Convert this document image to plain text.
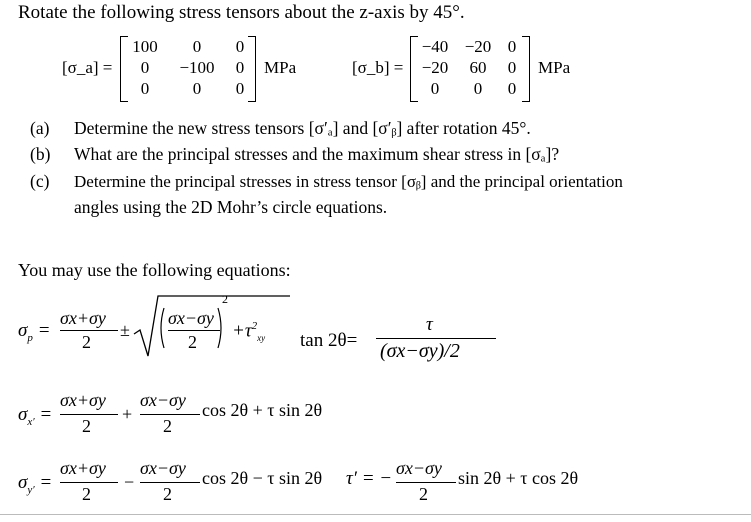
Rotate the following stress tensors about the z-axis by 45°.
[σ_a] =
100	0	0
0	−100	0
0	0	0
MPa	[σ_b] =
−40 −20 0
−20	60	0
0	0	0
MPa
(a) Determine the new stress tensors [σ′ₐ] and [σ′ᵦ] after rotation 45°.
(b) What are the principal stresses and the maximum shear stress in [σₐ]?
(c) Determine the principal stresses in stress tensor [σᵦ] and the principal orientation
angles using the 2D Mohr’s circle equations.
You may use the following equations:
$\sigma_p$ =
σx+σy
2
±
σx−σy
2
2
$+\tau^2_{xy}$ tan 2θ=
τ
(σx−σy)/2
$\sigma_{x'}$ =
σx+σy
2
+
σx−σy
2
cos 2θ + τ sin 2θ
$\sigma_{y'}$ =
σx+σy
2
−
σx−σy
2
cos 2θ − τ sin 2θ τ′ = − σx−σy
2
sin 2θ + τ cos 2θ
